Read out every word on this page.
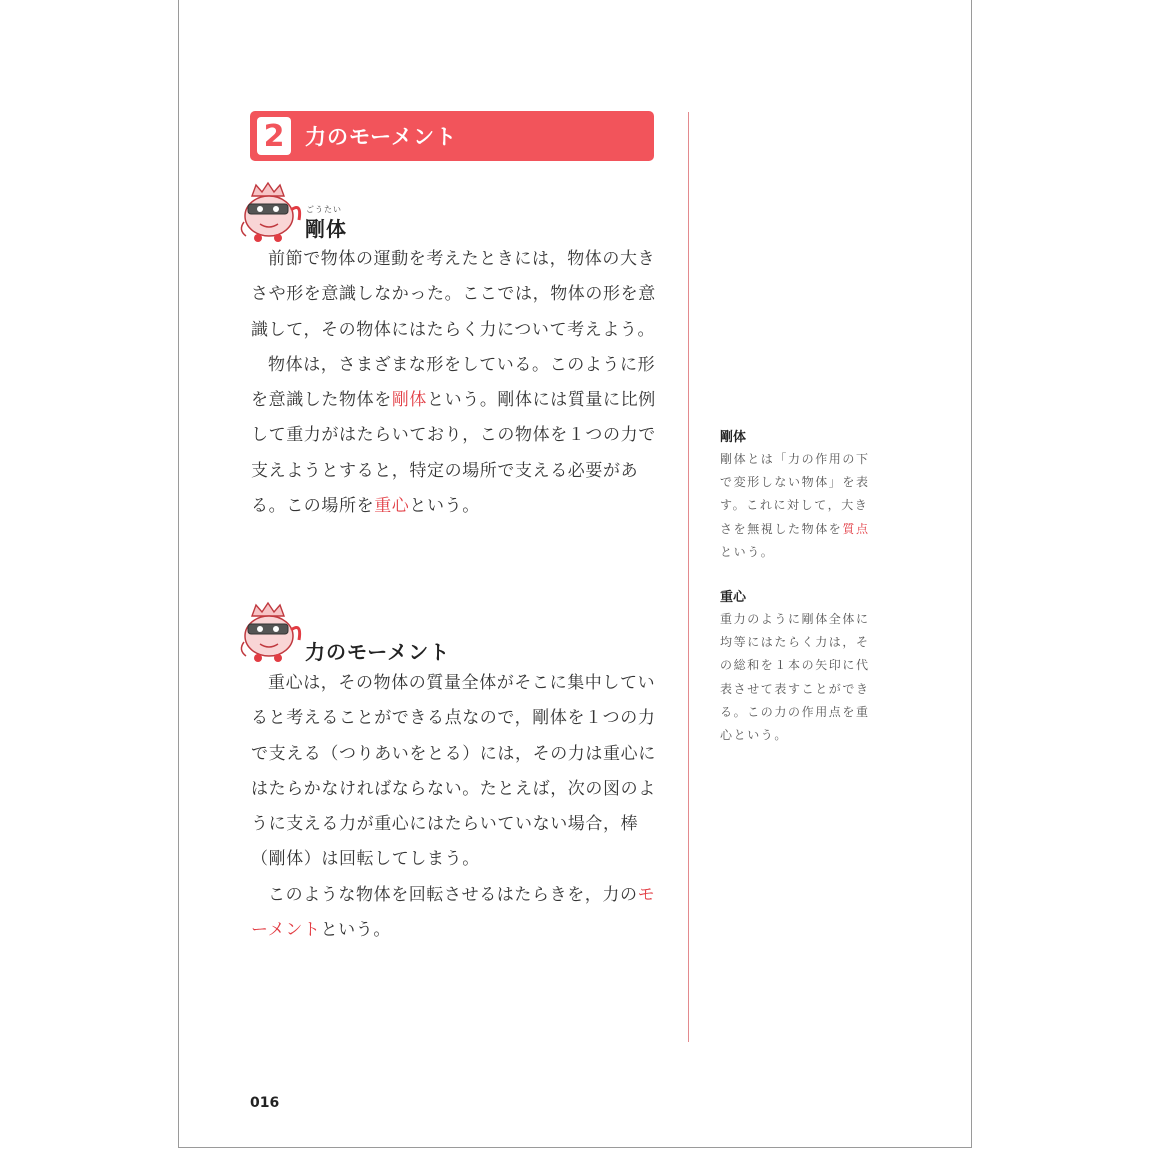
2 力のモーメント
ごうたい
剛体

前節で物体の運動を考えたときには，物体の大きさや形を意識しなかった。ここでは，物体の形を意識して，その物体にはたらく力について考えよう。

物体は，さまざまな形をしている。このように形を意識した物体を剛体という。剛体には質量に比例して重力がはたらいており，この物体を１つの力で支えようとすると，特定の場所で支える必要がある。この場所を重心という。

力のモーメント

重心は，その物体の質量全体がそこに集中していると考えることができる点なので，剛体を１つの力で支える（つりあいをとる）には，その力は重心にはたらかなければならない。たとえば，次の図のように支える力が重心にはたらいていない場合，棒（剛体）は回転してしまう。

このような物体を回転させるはたらきを，力のモーメントという。

剛体

剛体とは「力の作用の下で変形しない物体」を表す。これに対して，大きさを無視した物体を質点という。

重心

重力のように剛体全体に均等にはたらく力は，その総和を１本の矢印に代表させて表すことができる。この力の作用点を重心という。

016
